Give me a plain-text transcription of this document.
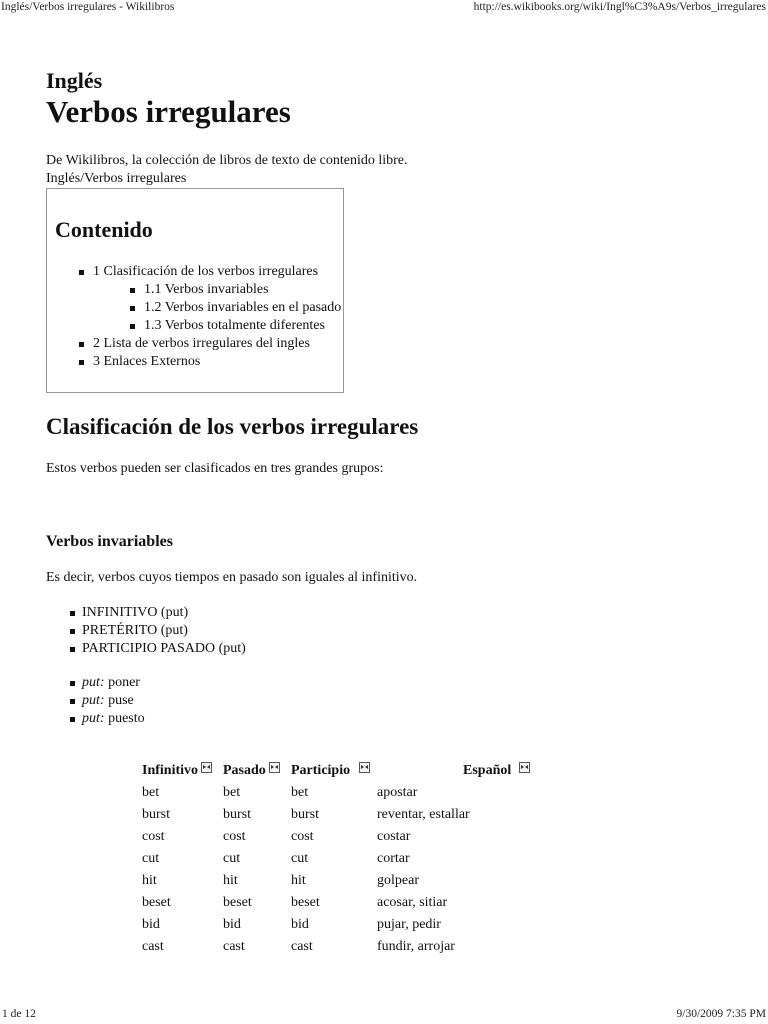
Inglés/Verbos irregulares - Wikilibros	http://es.wikibooks.org/wiki/Ingl%C3%A9s/Verbos_irregulares
Inglés
Verbos irregulares
De Wikilibros, la colección de libros de texto de contenido libre.
Inglés/Verbos irregulares
Contenido
1 Clasificación de los verbos irregulares
1.1 Verbos invariables
1.2 Verbos invariables en el pasado
1.3 Verbos totalmente diferentes
2 Lista de verbos irregulares del ingles
3 Enlaces Externos
Clasificación de los verbos irregulares
Estos verbos pueden ser clasificados en tres grandes grupos:
Verbos invariables
Es decir, verbos cuyos tiempos en pasado son iguales al infinitivo.
INFINITIVO (put)
PRETÉRITO (put)
PARTICIPIO PASADO (put)
put: poner
put: puse
put: puesto
Infinitivo	Pasado	Participio	Español
bet	bet	bet	apostar
burst	burst	burst	reventar, estallar
cost	cost	cost	costar
cut	cut	cut	cortar
hit	hit	hit	golpear
beset	beset	beset	acosar, sitiar
bid	bid	bid	pujar, pedir
cast	cast	cast	fundir, arrojar
1 de 12	9/30/2009 7:35 PM
